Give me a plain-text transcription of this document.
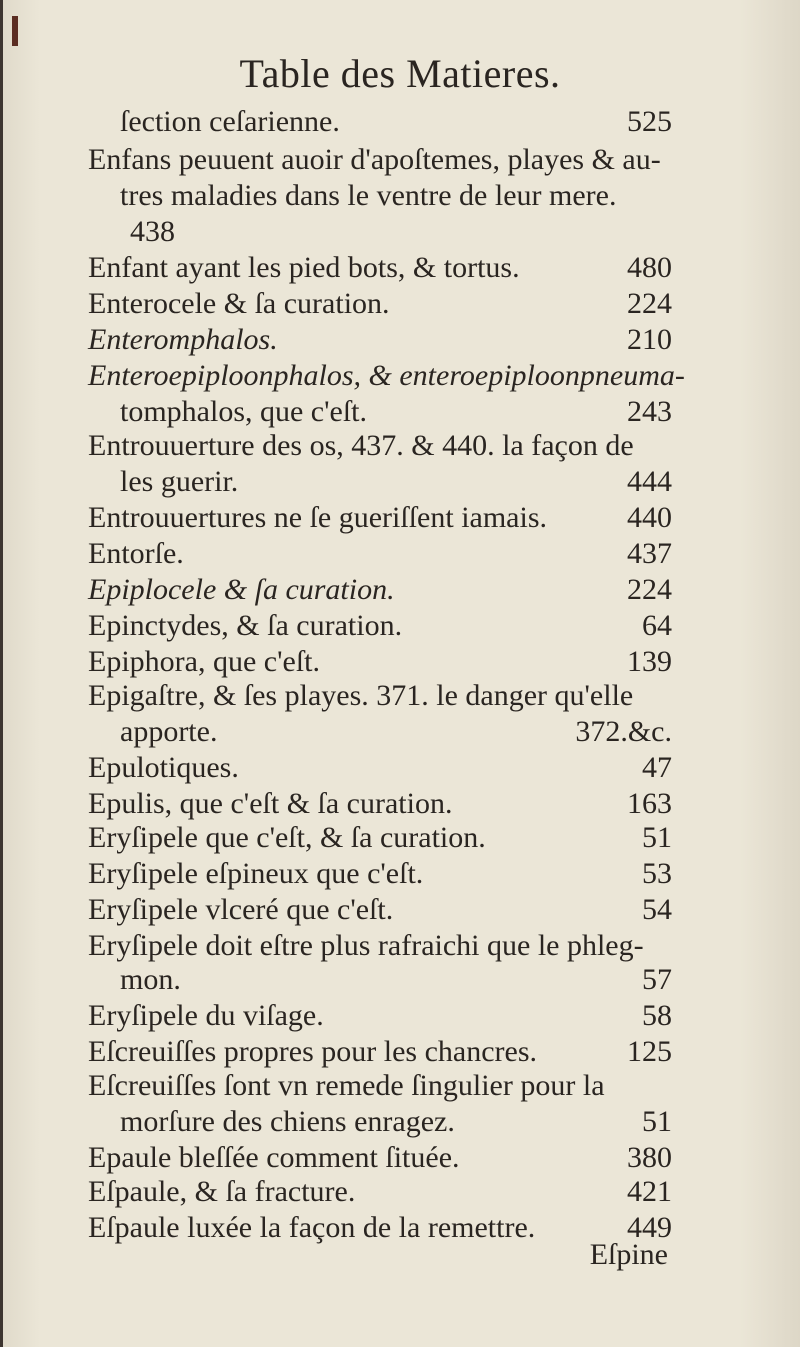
Table des Matieres.
ſection ceſarienne.	525
Enfans peuuent auoir d'apoſtemes, playes & au-
tres maladies dans le ventre de leur mere.
438
Enfant ayant les pied bots, & tortus.	480
Enterocele & ſa curation.	224
Enteromphalos.	210
Enteroepiploonphalos, & enteroepiploonpneuma-
tomphalos, que c'eſt.	243
Entrouuerture des os, 437. & 440. la façon de
les guerir.	444
Entrouuertures ne ſe gueriſſent iamais.	440
Entorſe.	437
Epiplocele & ſa curation.	224
Epinctydes, & ſa curation.	64
Epiphora, que c'eſt.	139
Epigaſtre, & ſes playes. 371. le danger qu'elle
apporte.	372.&c.
Epulotiques.	47
Epulis, que c'eſt & ſa curation.	163
Eryſipele que c'eſt, & ſa curation.	51
Eryſipele eſpineux que c'eſt.	53
Eryſipele vlceré que c'eſt.	54
Eryſipele doit eſtre plus rafraichi que le phleg-
mon.	57
Eryſipele du viſage.	58
Eſcreuiſſes propres pour les chancres.	125
Eſcreuiſſes ſont vn remede ſingulier pour la
morſure des chiens enragez.	51
Epaule bleſſée comment ſituée.	380
Eſpaule, & ſa fracture.	421
Eſpaule luxée la façon de la remettre.	449
Eſpine
